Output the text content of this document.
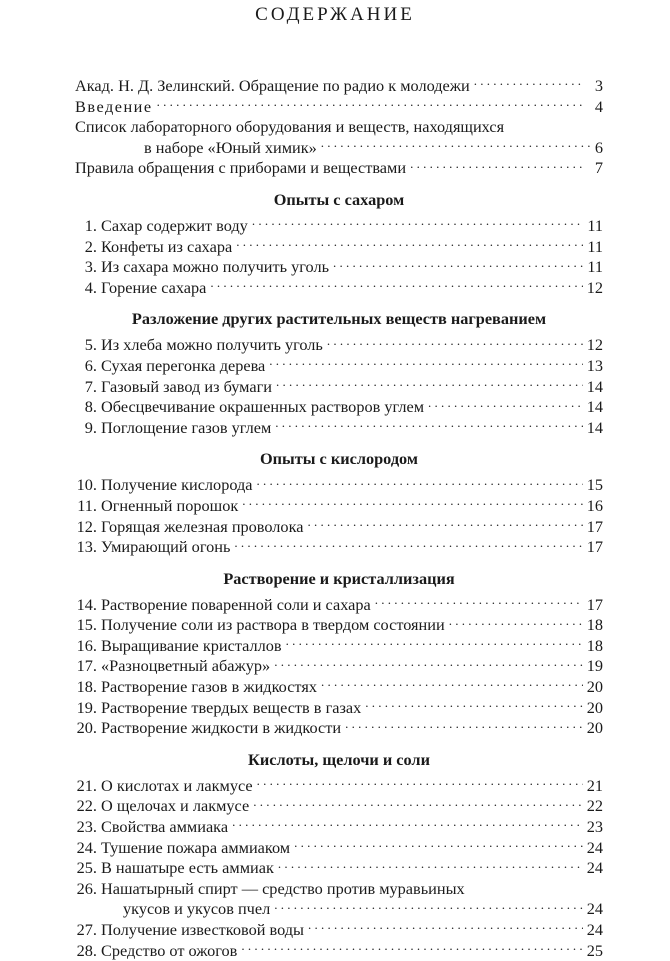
СОДЕРЖАНИЕ
Акад. Н. Д. Зелинский. Обращение по радио к молодежи . . .	3
Введение . . .	4
Список лабораторного оборудования и веществ, находящихся
в наборе «Юный химик» . . .	6
Правила обращения с приборами и веществами . . .	7
Опыты с сахаром
1. Сахар содержит воду . . .	11
2. Конфеты из сахара . . .	11
3. Из сахара можно получить уголь . . .	11
4. Горение сахара . . .	12
Разложение других растительных веществ нагреванием
5. Из хлеба можно получить уголь . . .	12
6. Сухая перегонка дерева . . .	13
7. Газовый завод из бумаги . . .	14
8. Обесцвечивание окрашенных растворов углем . . .	14
9. Поглощение газов углем . . .	14
Опыты с кислородом
10. Получение кислорода . . .	15
11. Огненный порошок . . .	16
12. Горящая железная проволока . . .	17
13. Умирающий огонь . . .	17
Растворение и кристаллизация
14. Растворение поваренной соли и сахара . . .	17
15. Получение соли из раствора в твердом состоянии . . .	18
16. Выращивание кристаллов . . .	18
17. «Разноцветный абажур» . . .	19
18. Растворение газов в жидкостях . . .	20
19. Растворение твердых веществ в газах . . .	20
20. Растворение жидкости в жидкости . . .	20
Кислоты, щелочи и соли
21. О кислотах и лакмусе . . .	21
22. О щелочах и лакмусе . . .	22
23. Свойства аммиака . . .	23
24. Тушение пожара аммиаком . . .	24
25. В нашатыре есть аммиак . . .	24
26. Нашатырный спирт — средство против муравьиных
укусов и укусов пчел . . .	24
27. Получение известковой воды . . .	24
28. Средство от ожогов . . .	25
